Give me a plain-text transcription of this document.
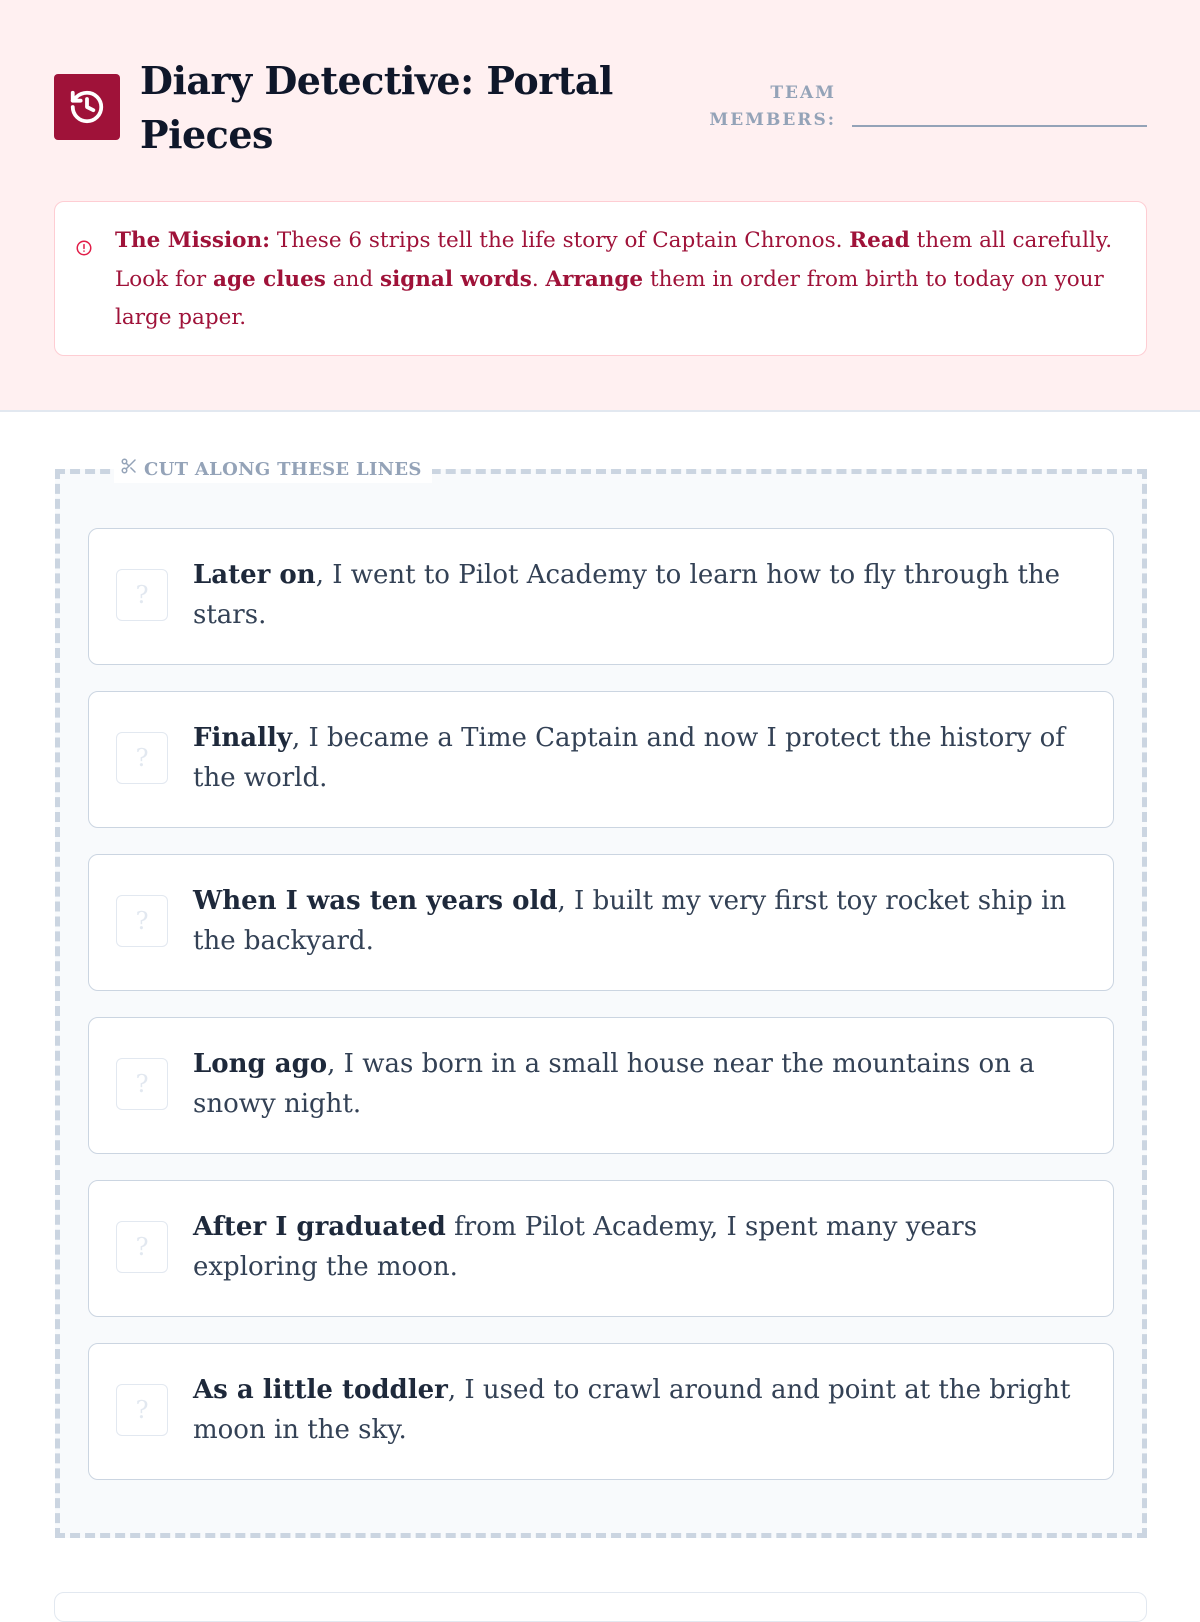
Diary Detective: Portal Pieces
TEAM MEMBERS:

The Mission: These 6 strips tell the life story of Captain Chronos. Read them all carefully. Look for age clues and signal words. Arrange them in order from birth to today on your large paper.

CUT ALONG THESE LINES
?

Later on, I went to Pilot Academy to learn how to fly through the stars.

?

Finally, I became a Time Captain and now I protect the history of the world.

?

When I was ten years old, I built my very first toy rocket ship in the backyard.

?

Long ago, I was born in a small house near the mountains on a snowy night.

?

After I graduated from Pilot Academy, I spent many years exploring the moon.

?

As a little toddler, I used to crawl around and point at the bright moon in the sky.
